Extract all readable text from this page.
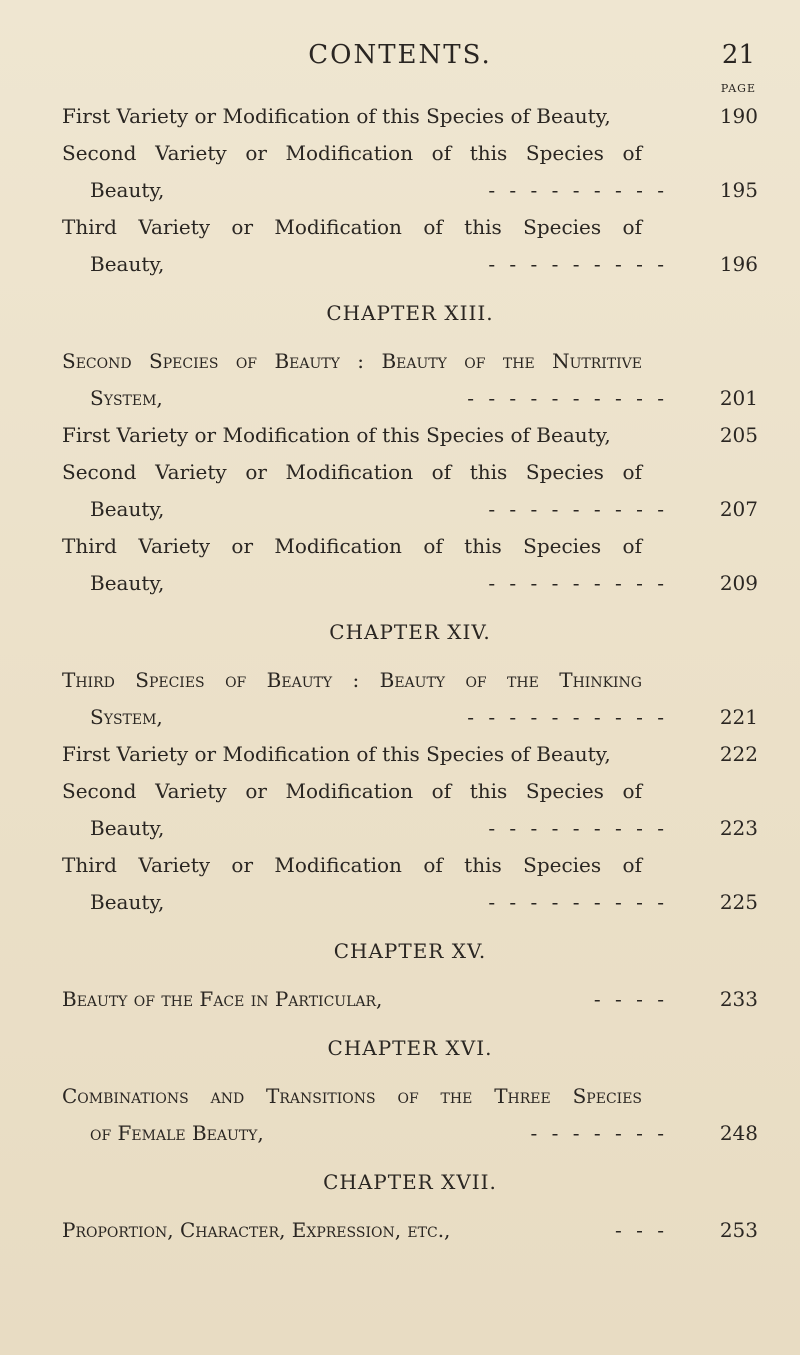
CONTENTS.	21
PAGE
First Variety or Modification of this Species of Beauty,	190
Second Variety or Modification of this Species of
Beauty,	- - - - - - - - -	195
Third Variety or Modification of this Species of
Beauty,	- - - - - - - - -	196
CHAPTER XIII.
Second Species of Beauty : Beauty of the Nutritive
System,	- - - - - - - - - -	201
First Variety or Modification of this Species of Beauty,	205
Second Variety or Modification of this Species of
Beauty,	- - - - - - - - -	207
Third Variety or Modification of this Species of
Beauty,	- - - - - - - - -	209
CHAPTER XIV.
Third Species of Beauty : Beauty of the Thinking
System,	- - - - - - - - - -	221
First Variety or Modification of this Species of Beauty,	222
Second Variety or Modification of this Species of
Beauty,	- - - - - - - - -	223
Third Variety or Modification of this Species of
Beauty,	- - - - - - - - -	225
CHAPTER XV.
Beauty of the Face in Particular,	- - - -	233
CHAPTER XVI.
Combinations and Transitions of the Three Species
of Female Beauty,	- - - - - - -	248
CHAPTER XVII.
Proportion, Character, Expression, etc.,	- - -	253
